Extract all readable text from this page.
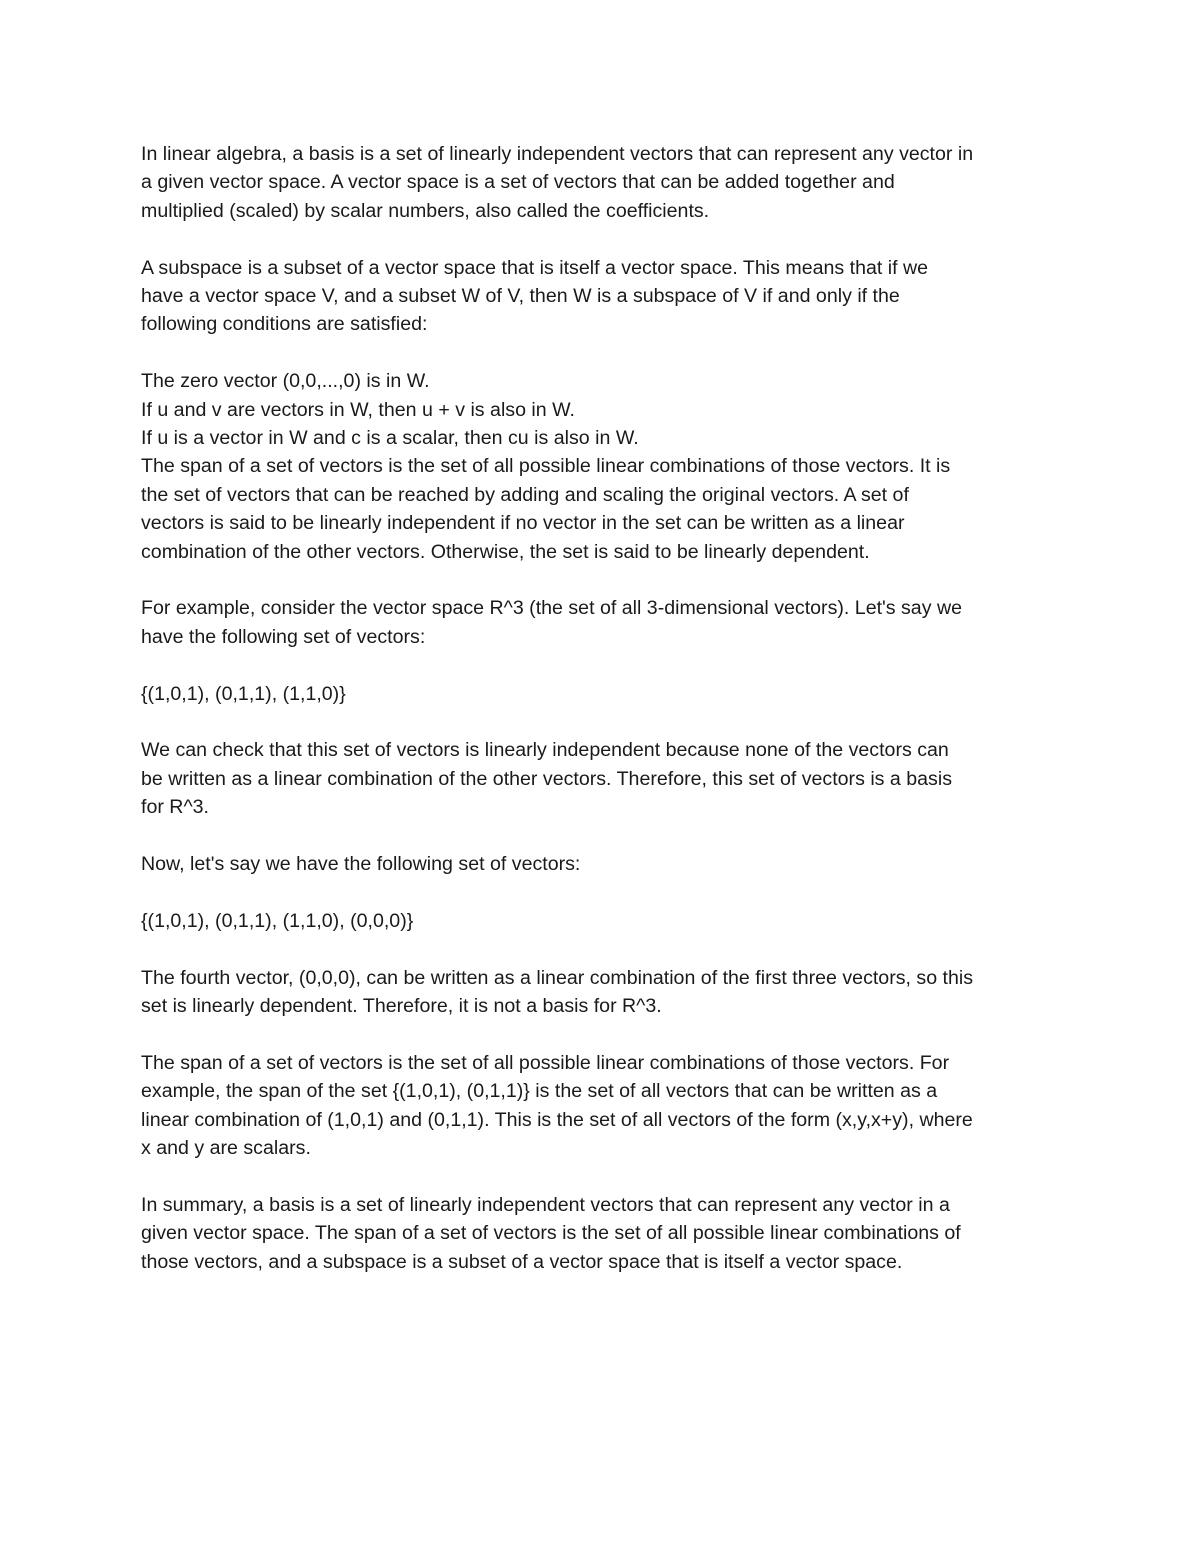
In linear algebra, a basis is a set of linearly independent vectors that can represent any vector in
a given vector space. A vector space is a set of vectors that can be added together and
multiplied (scaled) by scalar numbers, also called the coefficients.

A subspace is a subset of a vector space that is itself a vector space. This means that if we
have a vector space V, and a subset W of V, then W is a subspace of V if and only if the
following conditions are satisfied:

The zero vector (0,0,...,0) is in W.
If u and v are vectors in W, then u + v is also in W.
If u is a vector in W and c is a scalar, then cu is also in W.
The span of a set of vectors is the set of all possible linear combinations of those vectors. It is
the set of vectors that can be reached by adding and scaling the original vectors. A set of
vectors is said to be linearly independent if no vector in the set can be written as a linear
combination of the other vectors. Otherwise, the set is said to be linearly dependent.

For example, consider the vector space R^3 (the set of all 3-dimensional vectors). Let's say we
have the following set of vectors:

{(1,0,1), (0,1,1), (1,1,0)}

We can check that this set of vectors is linearly independent because none of the vectors can
be written as a linear combination of the other vectors. Therefore, this set of vectors is a basis
for R^3.

Now, let's say we have the following set of vectors:

{(1,0,1), (0,1,1), (1,1,0), (0,0,0)}

The fourth vector, (0,0,0), can be written as a linear combination of the first three vectors, so this
set is linearly dependent. Therefore, it is not a basis for R^3.

The span of a set of vectors is the set of all possible linear combinations of those vectors. For
example, the span of the set {(1,0,1), (0,1,1)} is the set of all vectors that can be written as a
linear combination of (1,0,1) and (0,1,1). This is the set of all vectors of the form (x,y,x+y), where
x and y are scalars.

In summary, a basis is a set of linearly independent vectors that can represent any vector in a
given vector space. The span of a set of vectors is the set of all possible linear combinations of
those vectors, and a subspace is a subset of a vector space that is itself a vector space.
